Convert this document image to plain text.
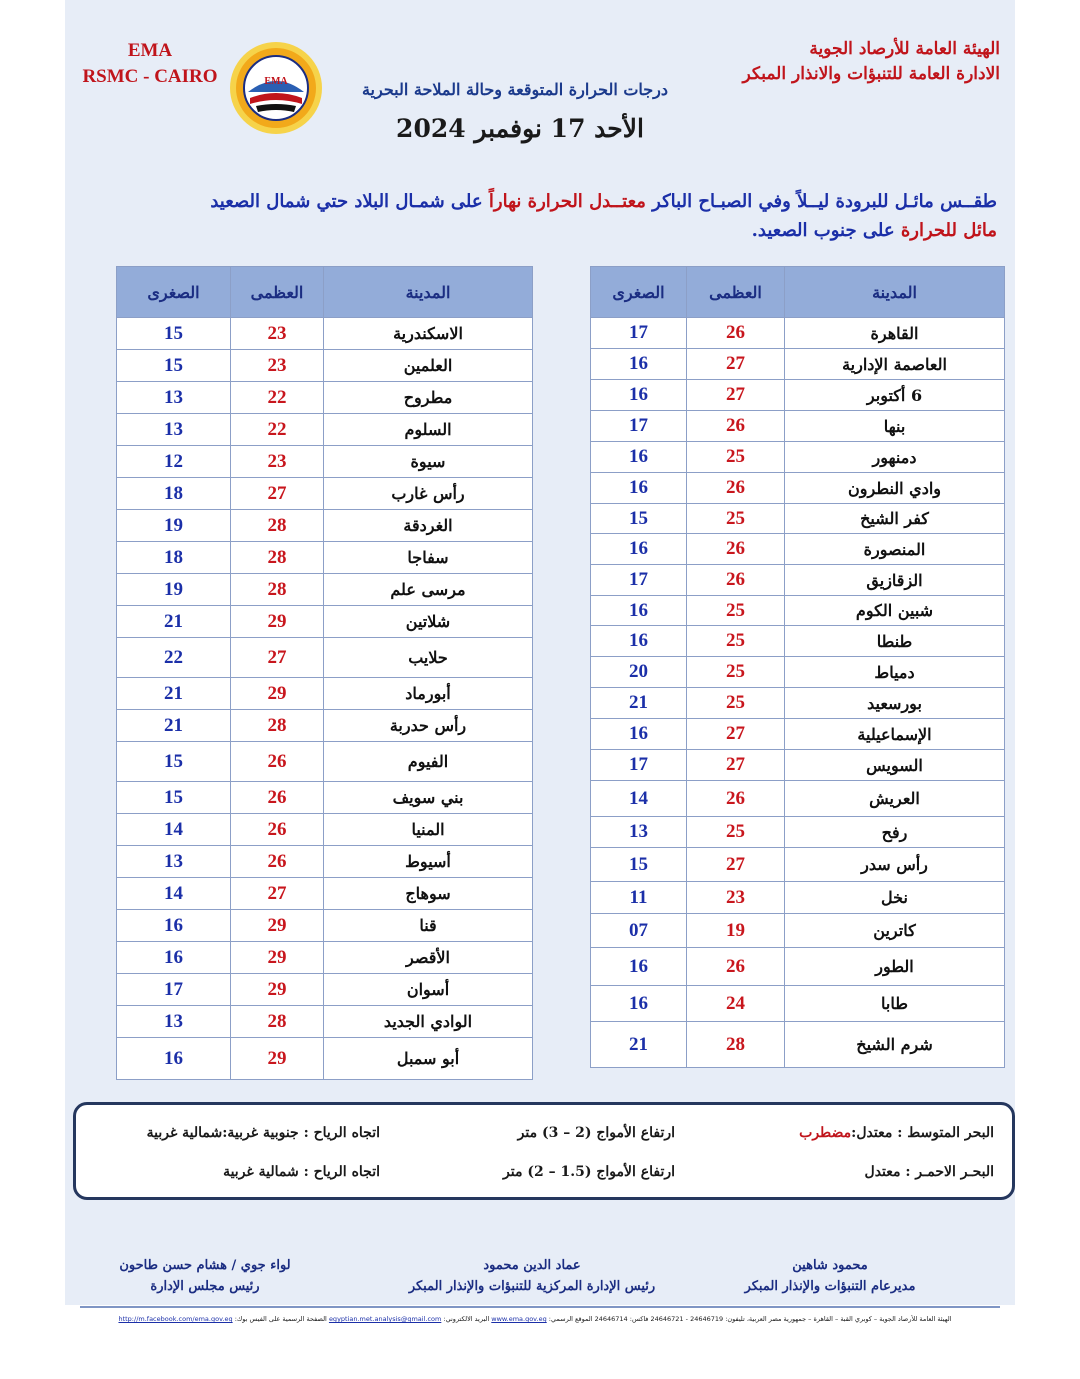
الهيئة العامة للأرصاد الجوية
الادارة العامة للتنبؤات والانذار المبكر
EMA
RSMC - CAIRO	EMA	درجات الحرارة المتوقعة وحالة الملاحة البحرية
الأحد 17 نوفمبر 2024
طقــس مائـل للبرودة ليــلاً وفي الصبـاح الباكر معتــدل الحرارة نهاراً على شمـال البلاد حتي شمال الصعيد مائل للحرارة على جنوب الصعيد.
المدينة	العظمى	الصغرى
القاهرة	26	17
العاصمة الإدارية	27	16
6 أكتوبر	27	16
بنها	26	17
دمنهور	25	16
وادي النطرون	26	16
كفر الشيخ	25	15
المنصورة	26	16
الزقازيق	26	17
شبين الكوم	25	16
طنطا	25	16
دمياط	25	20
بورسعيد	25	21
الإسماعيلية	27	16
السويس	27	17
العريش	26	14
رفح	25	13
رأس سدر	27	15
نخل	23	11
كاترين	19	07
الطور	26	16
طابا	24	16
شرم الشيخ	28	21
المدينة	العظمى	الصغرى
الاسكندرية	23	15
العلمين	23	15
مطروح	22	13
السلوم	22	13
سيوة	23	12
رأس غارب	27	18
الغردقة	28	19
سفاجا	28	18
مرسى علم	28	19
شلاتين	29	21
حلايب	27	22
أبورماد	29	21
رأس حدربة	28	21
الفيوم	26	15
بني سويف	26	15
المنيا	26	14
أسيوط	26	13
سوهاج	27	14
قنا	29	16
الأقصر	29	16
أسوان	29	17
الوادي الجديد	28	13
أبو سمبل	29	16
البحر المتوسط : معتدل:مضطرب
ارتفاع الأمواج (2 – 3) متر
اتجاه الرياح : جنوبية غربية:شمالية غربية
البحـر الاحمـر : معتدل
ارتفاع الأمواج (1.5 – 2) متر
اتجاه الرياح : شمالية غربية
محمود شاهين
مديرعام التنبؤات والإنذار المبكر
عماد الدين محمود
رئيس الإدارة المركزية للتنبؤات والإنذار المبكر
لواء جوي / هشام حسن طاحون
رئيس مجلس الإدارة
الهيئة العامة للأرصاد الجوية – كوبري القبة – القاهرة – جمهورية مصر العربية، تليفون: 24646719 - 24646721 فاكس: 24646714 الموقع الرسمي: www.ema.gov.eg البريد الالكتروني: egyptian.met.analysis@gmail.com الصفحة الرسمية على الفيس بوك: http://m.facebook.com/ema.gov.eg
